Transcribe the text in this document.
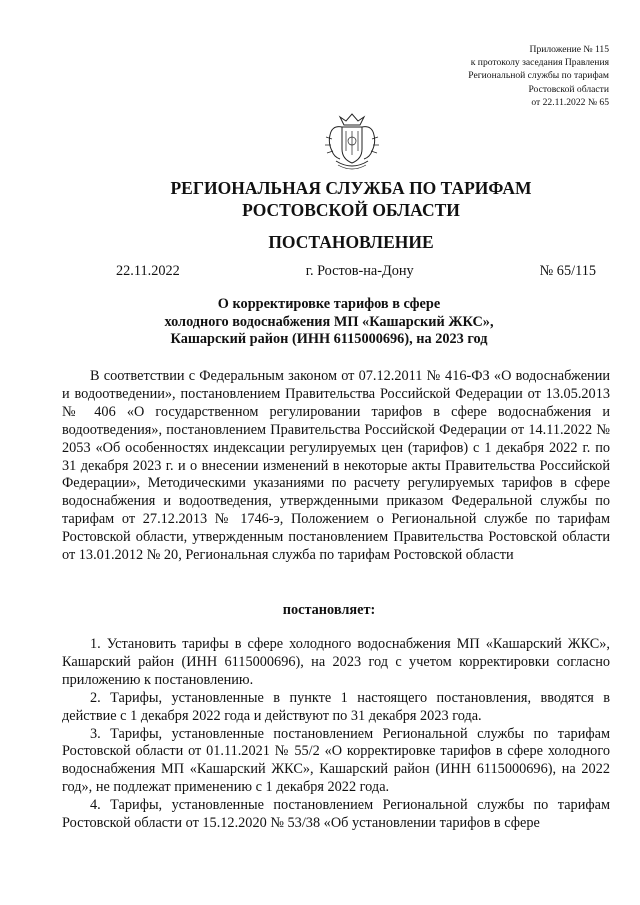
Приложение № 115
к протоколу заседания Правления
Региональной службы по тарифам
Ростовской области
от 22.11.2022 № 65
РЕГИОНАЛЬНАЯ СЛУЖБА ПО ТАРИФАМ
РОСТОВСКОЙ ОБЛАСТИ
ПОСТАНОВЛЕНИЕ
22.11.2022	г. Ростов-на-Дону	№ 65/115
О корректировке тарифов в сфере
холодного водоснабжения МП «Кашарский ЖКС»,
Кашарский район (ИНН 6115000696), на 2023 год

В соответствии с Федеральным законом от 07.12.2011 № 416-ФЗ «О водоснабжении и водоотведении», постановлением Правительства Российской Федерации от 13.05.2013 № 406 «О государственном регулировании тарифов в сфере водоснабжения и водоотведения», постановлением Правительства Российской Федерации от 14.11.2022 № 2053 «Об особенностях индексации регулируемых цен (тарифов) с 1 декабря 2022 г. по 31 декабря 2023 г. и о внесении изменений в некоторые акты Правительства Российской Федерации», Методическими указаниями по расчету регулируемых тарифов в сфере водоснабжения и водоотведения, утвержденными приказом Федеральной службы по тарифам от 27.12.2013 № 1746-э, Положением о Региональной службе по тарифам Ростовской области, утвержденным постановлением Правительства Ростовской области от 13.01.2012 № 20, Региональная служба по тарифам Ростовской области

постановляет:

1. Установить тарифы в сфере холодного водоснабжения МП «Кашарский ЖКС», Кашарский район (ИНН 6115000696), на 2023 год с учетом корректировки согласно приложению к постановлению.

2. Тарифы, установленные в пункте 1 настоящего постановления, вводятся в действие с 1 декабря 2022 года и действуют по 31 декабря 2023 года.

3. Тарифы, установленные постановлением Региональной службы по тарифам Ростовской области от 01.11.2021 № 55/2 «О корректировке тарифов в сфере холодного водоснабжения МП «Кашарский ЖКС», Кашарский район (ИНН 6115000696), на 2022 год», не подлежат применению с 1 декабря 2022 года.

4. Тарифы, установленные постановлением Региональной службы по тарифам Ростовской области от 15.12.2020 № 53/38 «Об установлении тарифов в сфере
